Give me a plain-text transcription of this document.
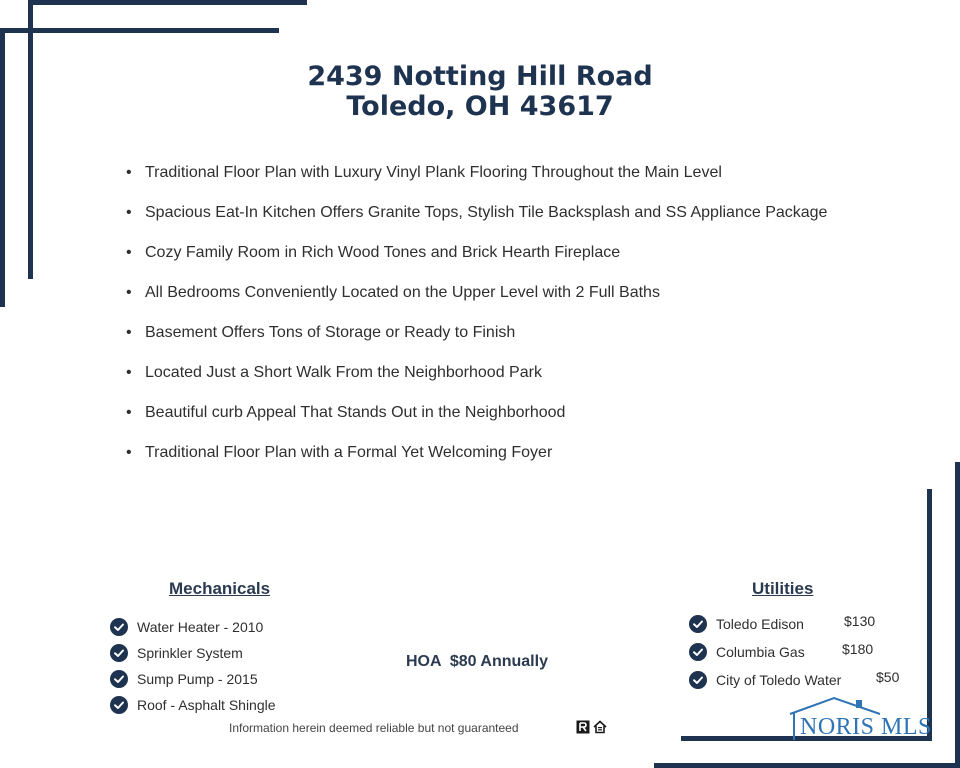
2439 Notting Hill Road
Toledo, OH 43617
• Traditional Floor Plan with Luxury Vinyl Plank Flooring Throughout the Main Level
• Spacious Eat-In Kitchen Offers Granite Tops, Stylish Tile Backsplash and SS Appliance Package
• Cozy Family Room in Rich Wood Tones and Brick Hearth Fireplace
• All Bedrooms Conveniently Located on the Upper Level with 2 Full Baths
• Basement Offers Tons of Storage or Ready to Finish
• Located Just a Short Walk From the Neighborhood Park
• Beautiful curb Appeal That Stands Out in the Neighborhood
• Traditional Floor Plan with a Formal Yet Welcoming Foyer
Mechanicals
Water Heater - 2010
Sprinkler System
Sump Pump - 2015
Roof - Asphalt Shingle
HOA  $80 Annually
Utilities
Toledo Edison
Columbia Gas
City of Toledo Water
$130
$180
$50
Information herein deemed reliable but not guaranteed	NORIS MLS
